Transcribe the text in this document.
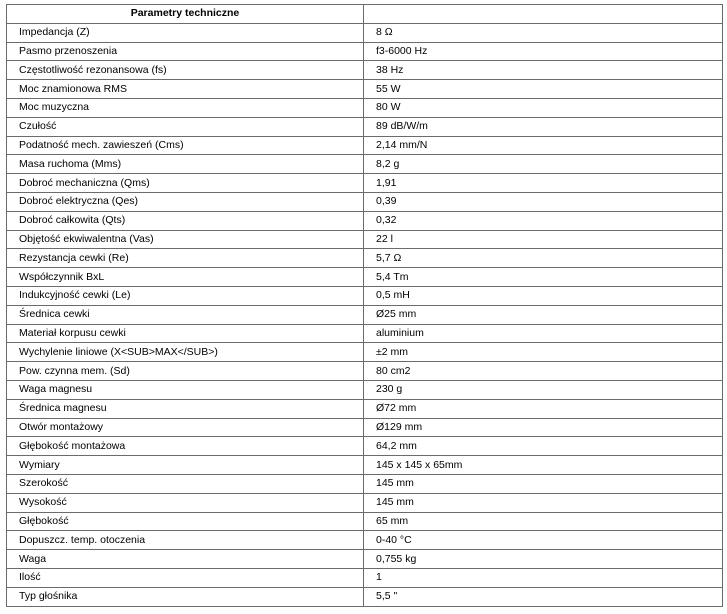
Parametry techniczne	
Impedancja (Z)	8 Ω
Pasmo przenoszenia	f3-6000 Hz
Częstotliwość rezonansowa (fs)	38 Hz
Moc znamionowa RMS	55 W
Moc muzyczna	80 W
Czułość	89 dB/W/m
Podatność mech. zawieszeń (Cms)	2,14 mm/N
Masa ruchoma (Mms)	8,2 g
Dobroć mechaniczna (Qms)	1,91
Dobroć elektryczna (Qes)	0,39
Dobroć całkowita (Qts)	0,32
Objętość ekwiwalentna (Vas)	22 l
Rezystancja cewki (Re)	5,7 Ω
Współczynnik BxL	5,4 Tm
Indukcyjność cewki (Le)	0,5 mH
Średnica cewki	Ø25 mm
Materiał korpusu cewki	aluminium
Wychylenie liniowe (X<SUB>MAX</SUB>)	±2 mm
Pow. czynna mem. (Sd)	80 cm2
Waga magnesu	230 g
Średnica magnesu	Ø72 mm
Otwór montażowy	Ø129 mm
Głębokość montażowa	64,2 mm
Wymiary	145 x 145 x 65mm
Szerokość	145 mm
Wysokość	145 mm
Głębokość	65 mm
Dopuszcz. temp. otoczenia	0-40 °C
Waga	0,755 kg
Ilość	1
Typ głośnika	5,5 "
